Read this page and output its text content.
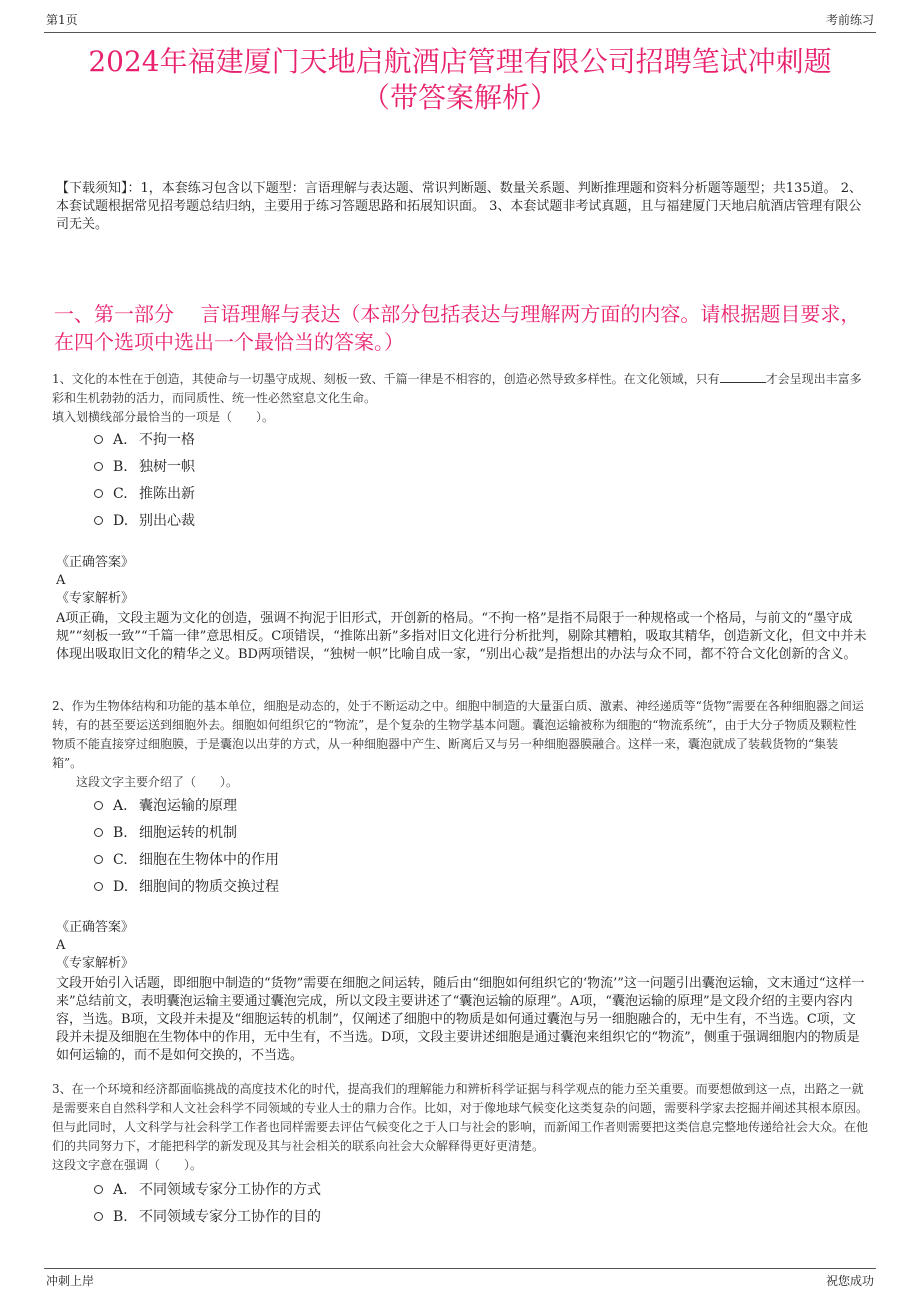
第1页	考前练习
2024年福建厦门天地启航酒店管理有限公司招聘笔试冲刺题
（带答案解析）
【下载须知】：1，本套练习包含以下题型：言语理解与表达题、常识判断题、数量关系题、判断推理题和资料分析题等题型；共135道。 2、本套试题根据常见招考题总结归纳，主要用于练习答题思路和拓展知识面。 3、本套试题非考试真题，且与福建厦门天地启航酒店管理有限公司无关。
一、第一部分　 言语理解与表达（本部分包括表达与理解两方面的内容。请根据题目要求，在四个选项中选出一个最恰当的答案。）
1、文化的本性在于创造，其使命与一切墨守成规、刻板一致、千篇一律是不相容的，创造必然导致多样性。在文化领域，只有	才会呈现出丰富多彩和生机勃勃的活力，而同质性、统一性必然窒息文化生命。
填入划横线部分最恰当的一项是（　　）。
A. 不拘一格
B. 独树一帜
C. 推陈出新
D. 别出心裁
《正确答案》
A
《专家解析》
A项正确，文段主题为文化的创造，强调不拘泥于旧形式，开创新的格局。“不拘一格”是指不局限于一种规格或一个格局，与前文的“墨守成规”“刻板一致”“千篇一律”意思相反。C项错误，“推陈出新”多指对旧文化进行分析批判，剔除其糟粕，吸取其精华，创造新文化，但文中并未体现出吸取旧文化的精华之义。BD两项错误，“独树一帜”比喻自成一家，“别出心裁”是指想出的办法与众不同，都不符合文化创新的含义。
2、作为生物体结构和功能的基本单位，细胞是动态的，处于不断运动之中。细胞中制造的大量蛋白质、激素、神经递质等“货物”需要在各种细胞器之间运转，有的甚至要运送到细胞外去。细胞如何组织它的“物流”，是个复杂的生物学基本问题。囊泡运输被称为细胞的“物流系统”，由于大分子物质及颗粒性物质不能直接穿过细胞膜，于是囊泡以出芽的方式，从一种细胞器中产生、断离后又与另一种细胞器膜融合。这样一来，囊泡就成了装载货物的“集装箱”。
这段文字主要介绍了（　　）。
A. 囊泡运输的原理
B. 细胞运转的机制
C. 细胞在生物体中的作用
D. 细胞间的物质交换过程
《正确答案》
A
《专家解析》
文段开始引入话题，即细胞中制造的“货物”需要在细胞之间运转，随后由“细胞如何组织它的‘物流’”这一问题引出囊泡运输，文末通过“这样一来”总结前文，表明囊泡运输主要通过囊泡完成，所以文段主要讲述了“囊泡运输的原理”。A项，“囊泡运输的原理”是文段介绍的主要内容内容，当选。B项，文段并未提及“细胞运转的机制”，仅阐述了细胞中的物质是如何通过囊泡与另一细胞融合的，无中生有，不当选。C项，文段并未提及细胞在生物体中的作用，无中生有，不当选。D项，文段主要讲述细胞是通过囊泡来组织它的“物流”，侧重于强调细胞内的物质是如何运输的，而不是如何交换的，不当选。
3、在一个环境和经济都面临挑战的高度技术化的时代，提高我们的理解能力和辨析科学证据与科学观点的能力至关重要。而要想做到这一点，出路之一就是需要来自自然科学和人文社会科学不同领域的专业人士的鼎力合作。比如，对于像地球气候变化这类复杂的问题，需要科学家去挖掘并阐述其根本原因。但与此同时，人文科学与社会科学工作者也同样需要去评估气候变化之于人口与社会的影响，而新闻工作者则需要把这类信息完整地传递给社会大众。在他们的共同努力下，才能把科学的新发现及其与社会相关的联系向社会大众解释得更好更清楚。
这段文字意在强调（　　）。
A. 不同领域专家分工协作的方式
B. 不同领域专家分工协作的目的
冲刺上岸	祝您成功
